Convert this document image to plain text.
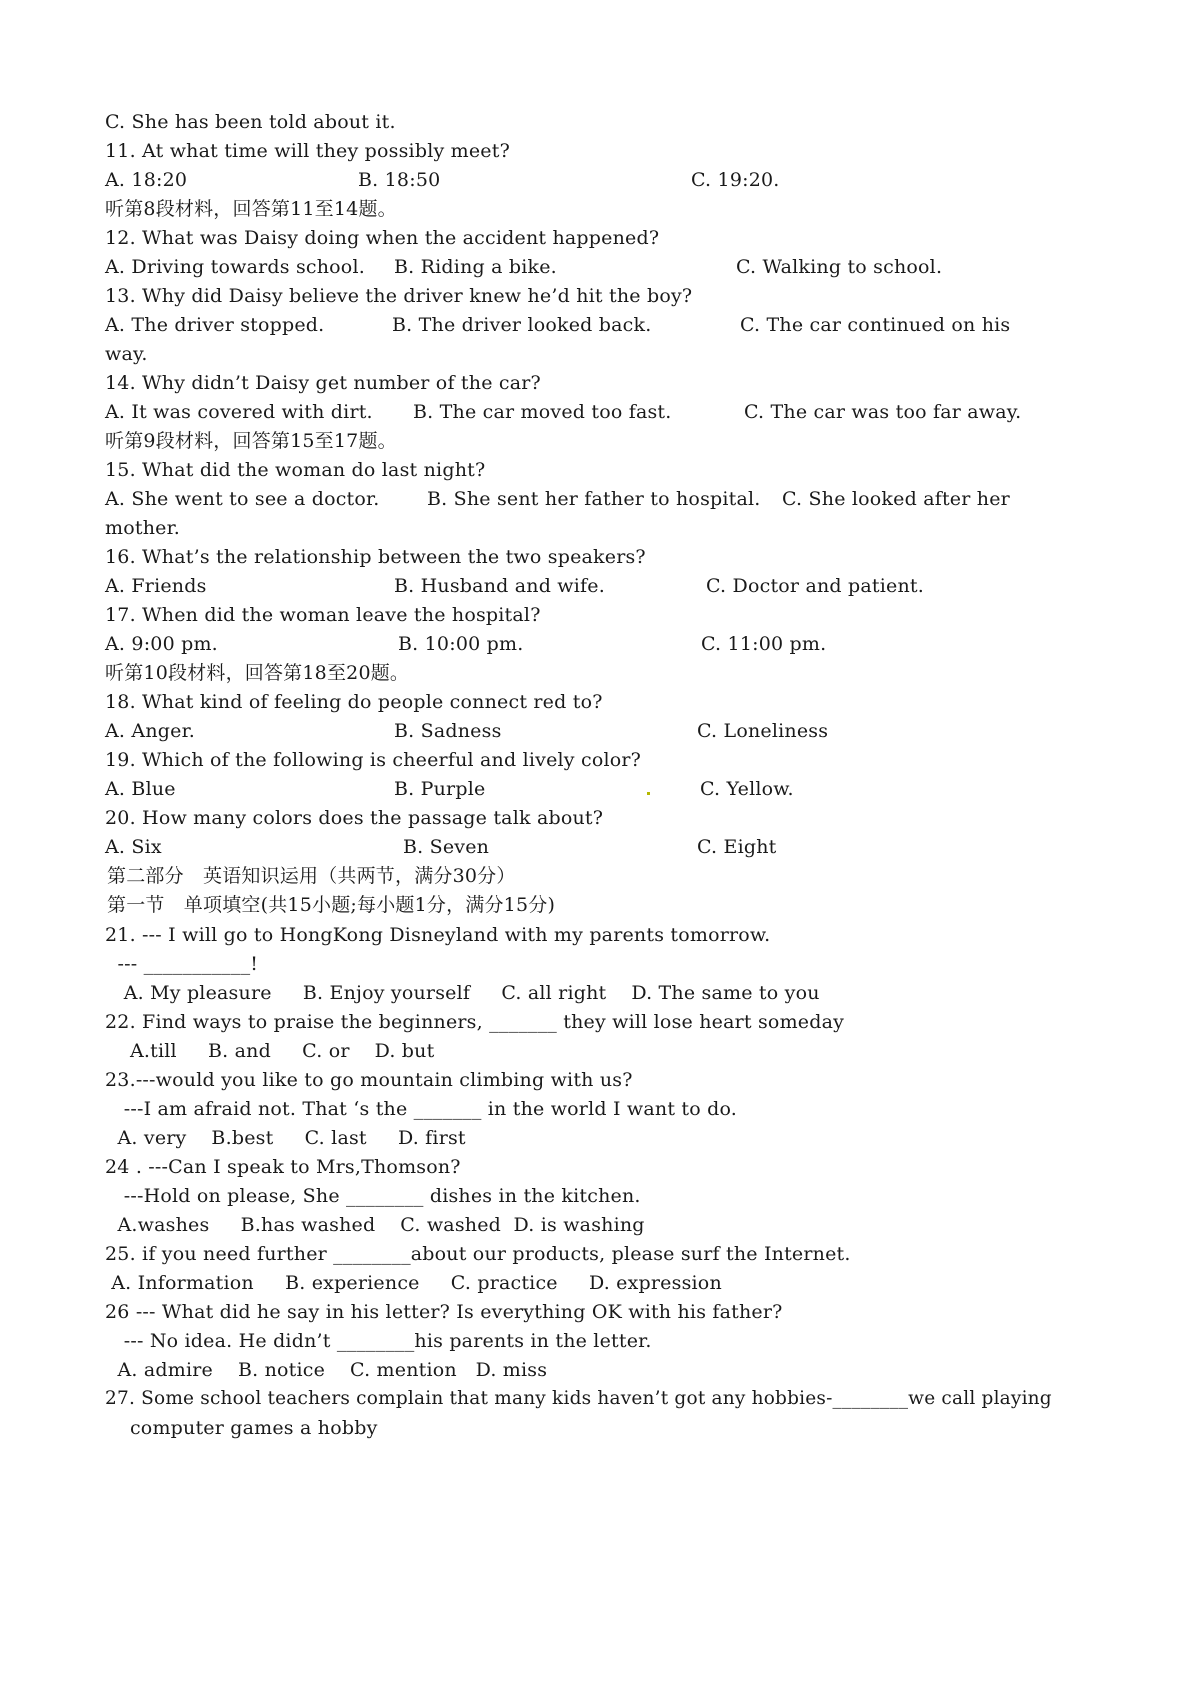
C. She has been told about it.
11. At what time will they possibly meet?
A. 18:20	B. 18:50	C. 19:20.
听第8段材料，回答第11至14题。
12. What was Daisy doing when the accident happened?
A. Driving towards school. B. Riding a bike.	C. Walking to school.
13. Why did Daisy believe the driver knew he’d hit the boy?
A. The driver stopped.	B. The driver looked back.	C. The car continued on his
way.
14. Why didn’t Daisy get number of the car?
A. It was covered with dirt. B. The car moved too fast.	C. The car was too far away.
听第9段材料，回答第15至17题。
15. What did the woman do last night?
A. She went to see a doctor.	B. She sent her father to hospital. C. She looked after her
mother.
16. What’s the relationship between the two speakers?
A. Friends	B. Husband and wife.	C. Doctor and patient.
17. When did the woman leave the hospital?
A. 9:00 pm.	B. 10:00 pm.	C. 11:00 pm.
听第10段材料，回答第18至20题。
18. What kind of feeling do people connect red to?
A. Anger.	B. Sadness	C. Loneliness
19. Which of the following is cheerful and lively color?
A. Blue	B. Purple	C. Yellow.
20. How many colors does the passage talk about?
A. Six	B. Seven	C. Eight
第二部分　英语知识运用（共两节，满分30分）
第一节　单项填空(共15小题;每小题1分，满分15分)
21. --- I will go to HongKong Disneyland with my parents tomorrow.
--- ___________!
A. My pleasure     B. Enjoy yourself     C. all right    D. The same to you
22. Find ways to praise the beginners, _______ they will lose heart someday
A.till     B. and     C. or    D. but
23.---would you like to go mountain climbing with us?
---I am afraid not. That ‘s the _______ in the world I want to do.
A. very    B.best     C. last     D. first
24 . ---Can I speak to Mrs,Thomson?
---Hold on please, She ________ dishes in the kitchen.
A.washes     B.has washed    C. washed  D. is washing
25. if you need further ________about our products, please surf the Internet.
A. Information     B. experience     C. practice     D. expression
26 --- What did he say in his letter? Is everything OK with his father?
--- No idea. He didn’t ________his parents in the letter.
A. admire    B. notice    C. mention   D. miss
27. Some school teachers complain that many kids haven’t got any hobbies-________we call playing
computer games a hobby
